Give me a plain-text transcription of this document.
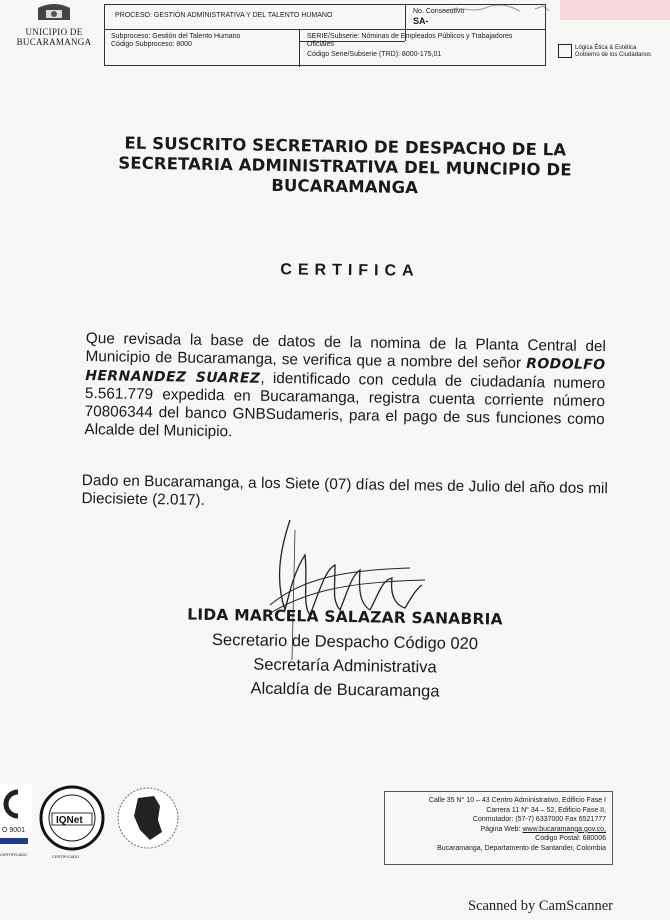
UNICIPIO DE
BUCARAMANGA
PROCESO: GESTIÓN ADMINISTRATIVA Y DEL TALENTO HUMANO
No. Consecutivo
SA-
Subproceso: Gestión del Talento Humano
Código Subproceso: 8000
SERIE/Subserie: Nóminas de Empleados Públicos y Trabajadores Oficiales
Código Serie/Subserie (TRD): 8000-175,01
Lógica Ética & Estética
Gobierno de los Ciudadanos
EL SUSCRITO SECRETARIO DE DESPACHO DE LA SECRETARIA ADMINISTRATIVA DEL MUNCIPIO DE BUCARAMANGA
CERTIFICA
Que revisada la base de datos de la nomina de la Planta Central del Municipio de Bucaramanga, se verifica que a nombre del señor RODOLFO HERNANDEZ SUAREZ, identificado con cedula de ciudadanía numero 5.561.779 expedida en Bucaramanga, registra cuenta corriente número 70806344 del banco GNBSudameris, para el pago de sus funciones como Alcalde del Municipio.
Dado en Bucaramanga, a los Siete (07) días del mes de Julio del año dos mil Diecisiete (2.017).
LIDA MARCELA SALAZAR SANABRIA
Secretario de Despacho Código 020
Secretaría Administrativa
Alcaldía de Bucaramanga
O 9001
CERTIFICADO
IQNet
CERTIFICADO
Calle 35 N° 10 – 43 Centro Administrativo, Edificio Fase I
Carrera 11 N° 34 – 52, Edificio Fase II,
Conmutador: (57-7) 6337000 Fax 6521777
Página Web: www.bucaramanga.gov.co,
Código Postal: 680006
Bucaramanga, Departamento de Santander, Colombia
Scanned by CamScanner
